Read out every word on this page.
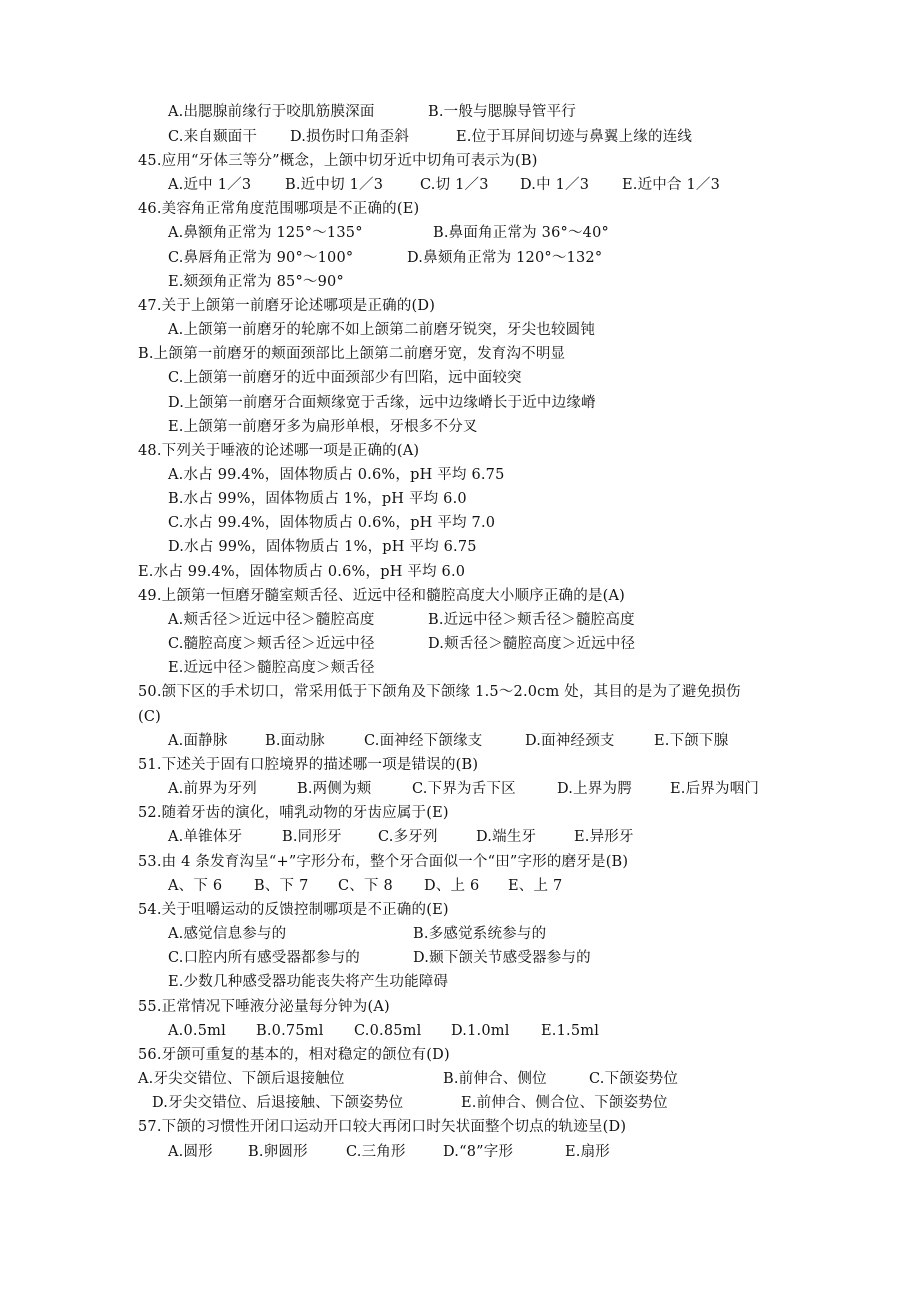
A.出腮腺前缘行于咬肌筋膜深面	B.一般与腮腺导管平行
C.来自颞面干 D.损伤时口角歪斜	E.位于耳屏间切迹与鼻翼上缘的连线
45.应用“牙体三等分”概念，上颌中切牙近中切角可表示为(B)
A.近中 1／3 B.近中切 1／3	C.切 1／3 D.中 1／3 E.近中合 1／3
46.美容角正常角度范围哪项是不正确的(E)
A.鼻额角正常为 125°～135°	B.鼻面角正常为 36°～40°
C.鼻唇角正常为 90°～100°	D.鼻颏角正常为 120°～132°
E.颏颈角正常为 85°～90°
47.关于上颌第一前磨牙论述哪项是正确的(D)
A.上颌第一前磨牙的轮廓不如上颌第二前磨牙锐突，牙尖也较圆钝
B.上颌第一前磨牙的颊面颈部比上颌第二前磨牙宽，发育沟不明显
C.上颌第一前磨牙的近中面颈部少有凹陷，远中面较突
D.上颌第一前磨牙合面颊缘宽于舌缘，远中边缘嵴长于近中边缘嵴
E.上颌第一前磨牙多为扁形单根，牙根多不分叉
48.下列关于唾液的论述哪一项是正确的(A)
A.水占 99.4%，固体物质占 0.6%，pH 平均 6.75
B.水占 99%，固体物质占 1%，pH 平均 6.0
C.水占 99.4%，固体物质占 0.6%，pH 平均 7.0
D.水占 99%，固体物质占 1%，pH 平均 6.75
E.水占 99.4%，固体物质占 0.6%，pH 平均 6.0
49.上颌第一恒磨牙髓室颊舌径、近远中径和髓腔高度大小顺序正确的是(A)
A.颊舌径＞近远中径＞髓腔高度	B.近远中径＞颊舌径＞髓腔高度
C.髓腔高度＞颊舌径＞近远中径	D.颊舌径＞髓腔高度＞近远中径
E.近远中径＞髓腔高度＞颊舌径
50.颌下区的手术切口，常采用低于下颌角及下颌缘 1.5～2.0cm 处，其目的是为了避免损伤
(C)
A.面静脉	B.面动脉	C.面神经下颌缘支	D.面神经颈支	E.下颌下腺
51.下述关于固有口腔境界的描述哪一项是错误的(B)
A.前界为牙列	B.两侧为颊	C.下界为舌下区	D.上界为腭	E.后界为咽门
52.随着牙齿的演化，哺乳动物的牙齿应属于(E)
A.单锥体牙	B.同形牙 C.多牙列	D.端生牙	E.异形牙
53.由 4 条发育沟呈“+”字形分布，整个牙合面似一个“田”字形的磨牙是(B)
A、下 6 B、下 7 C、下 8 D、上 6 E、上 7
54.关于咀嚼运动的反馈控制哪项是不正确的(E)
A.感觉信息参与的	B.多感觉系统参与的
C.口腔内所有感受器都参与的	D.颞下颌关节感受器参与的
E.少数几种感受器功能丧失将产生功能障碍
55.正常情况下唾液分泌量每分钟为(A)
A.0.5ml B.0.75ml C.0.85ml D.1.0ml E.1.5ml
56.牙颌可重复的基本的，相对稳定的颌位有(D)
A.牙尖交错位、下颌后退接触位	B.前伸合、侧位	C.下颌姿势位
D.牙尖交错位、后退接触、下颌姿势位	E.前伸合、侧合位、下颌姿势位
57.下颌的习惯性开闭口运动开口较大再闭口时矢状面整个切点的轨迹呈(D)
A.圆形 B.卵圆形	C.三角形	D.“8”字形	E.扇形
